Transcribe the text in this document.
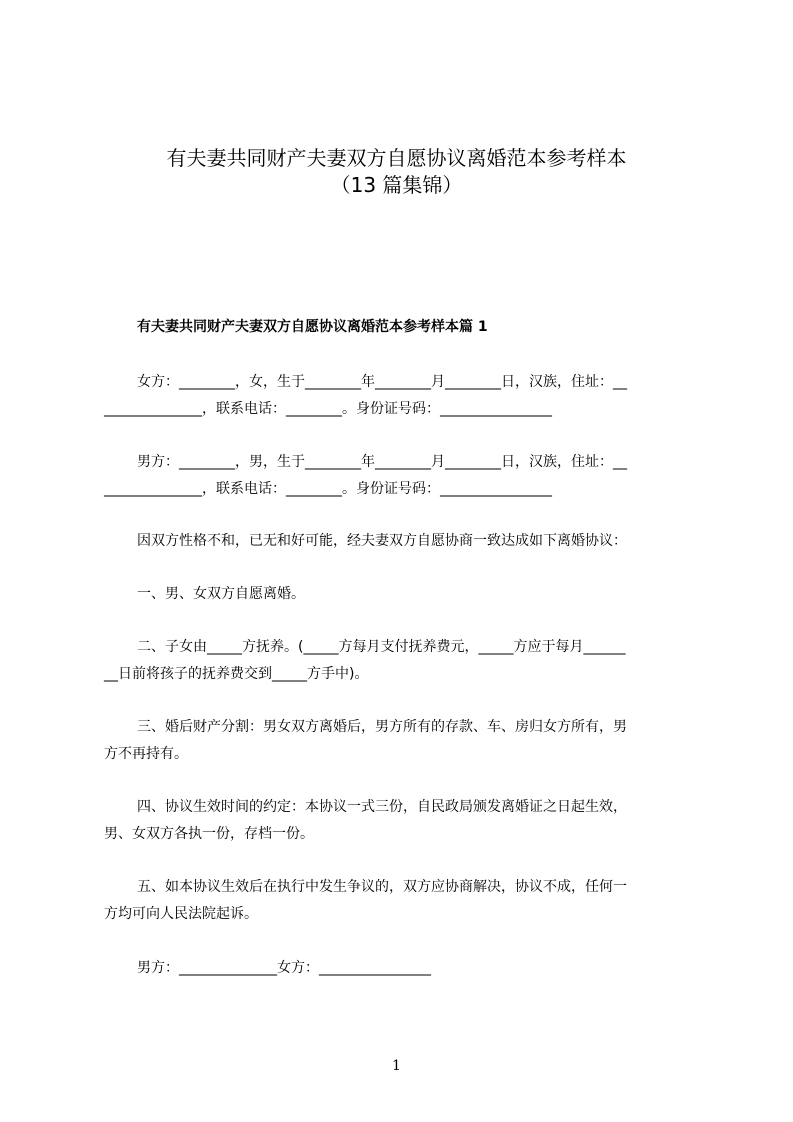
有夫妻共同财产夫妻双方自愿协议离婚范本参考样本
（13 篇集锦）
有夫妻共同财产夫妻双方自愿协议离婚范本参考样本篇 1
女方：________，女，生于________年________月________日，汉族，住址：__
______________，联系电话：________。身份证号码：________________
男方：________，男，生于________年________月________日，汉族，住址：__
______________，联系电话：________。身份证号码：________________
因双方性格不和，已无和好可能，经夫妻双方自愿协商一致达成如下离婚协议：
一、男、女双方自愿离婚。
二、子女由_____方抚养。(_____方每月支付抚养费元，_____方应于每月______
__日前将孩子的抚养费交到_____方手中)。
三、婚后财产分割：男女双方离婚后，男方所有的存款、车、房归女方所有，男
方不再持有。
四、协议生效时间的约定：本协议一式三份，自民政局颁发离婚证之日起生效，
男、女双方各执一份，存档一份。
五、如本协议生效后在执行中发生争议的，双方应协商解决，协议不成，任何一
方均可向人民法院起诉。
男方：______________女方：________________
1
